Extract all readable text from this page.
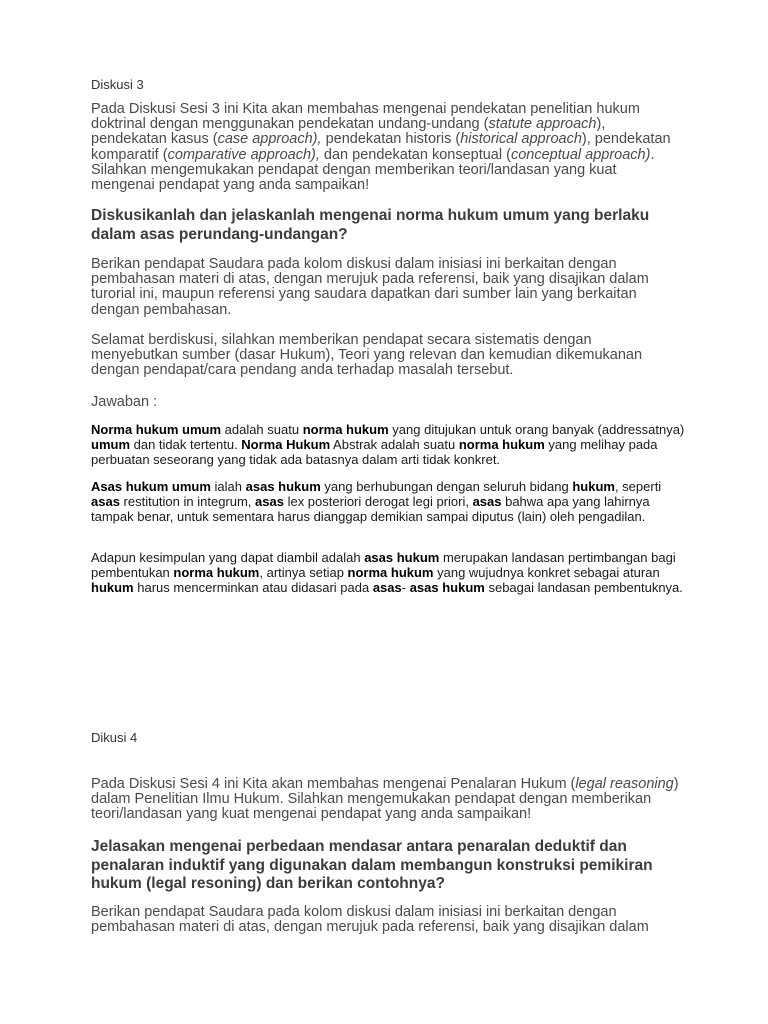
Diskusi 3

Pada Diskusi Sesi 3 ini Kita akan membahas mengenai pendekatan penelitian hukum doktrinal dengan menggunakan pendekatan undang-undang (statute approach), pendekatan kasus (case approach), pendekatan historis (historical approach), pendekatan komparatif (comparative approach), dan pendekatan konseptual (conceptual approach). Silahkan mengemukakan pendapat dengan memberikan teori/landasan yang kuat mengenai pendapat yang anda sampaikan!

Diskusikanlah dan jelaskanlah mengenai norma hukum umum yang berlaku dalam asas perundang-undangan?

Berikan pendapat Saudara pada kolom diskusi dalam inisiasi ini berkaitan dengan pembahasan materi di atas, dengan merujuk pada referensi, baik yang disajikan dalam turorial ini, maupun referensi yang saudara dapatkan dari sumber lain yang berkaitan dengan pembahasan.

Selamat berdiskusi, silahkan memberikan pendapat secara sistematis dengan menyebutkan sumber (dasar Hukum), Teori yang relevan dan kemudian dikemukanan dengan pendapat/cara pendang anda terhadap masalah tersebut.

Jawaban :

Norma hukum umum adalah suatu norma hukum yang ditujukan untuk orang banyak (addressatnya) umum dan tidak tertentu. Norma Hukum Abstrak adalah suatu norma hukum yang melihay pada perbuatan seseorang yang tidak ada batasnya dalam arti tidak konkret.

Asas hukum umum ialah asas hukum yang berhubungan dengan seluruh bidang hukum, seperti asas restitution in integrum, asas lex posteriori derogat legi priori, asas bahwa apa yang lahirnya tampak benar, untuk sementara harus dianggap demikian sampai diputus (lain) oleh pengadilan.

Adapun kesimpulan yang dapat diambil adalah asas hukum merupakan landasan pertimbangan bagi pembentukan norma hukum, artinya setiap norma hukum yang wujudnya konkret sebagai aturan hukum harus mencerminkan atau didasari pada asas- asas hukum sebagai landasan pembentuknya.

Dikusi 4

Pada Diskusi Sesi 4 ini Kita akan membahas mengenai Penalaran Hukum (legal reasoning) dalam Penelitian Ilmu Hukum. Silahkan mengemukakan pendapat dengan memberikan teori/landasan yang kuat mengenai pendapat yang anda sampaikan!

Jelasakan mengenai perbedaan mendasar antara penaralan deduktif dan penalaran induktif yang digunakan dalam membangun konstruksi pemikiran hukum (legal resoning) dan berikan contohnya?

Berikan pendapat Saudara pada kolom diskusi dalam inisiasi ini berkaitan dengan pembahasan materi di atas, dengan merujuk pada referensi, baik yang disajikan dalam
